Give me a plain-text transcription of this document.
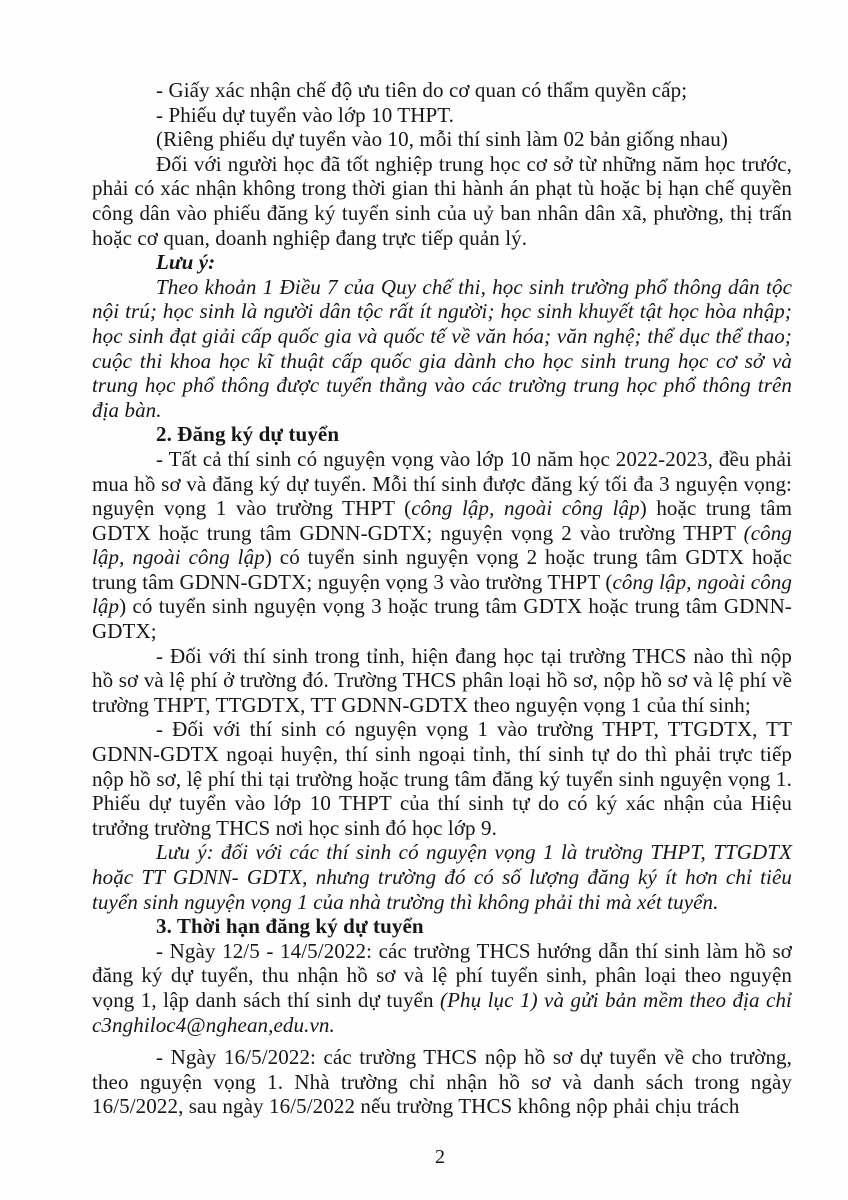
- Giấy xác nhận chế độ ưu tiên do cơ quan có thẩm quyền cấp;

- Phiếu dự tuyển vào lớp 10 THPT.

(Riêng phiếu dự tuyển vào 10, mỗi thí sinh làm 02 bản giống nhau)

Đối với người học đã tốt nghiệp trung học cơ sở từ những năm học trước, phải có xác nhận không trong thời gian thi hành án phạt tù hoặc bị hạn chế quyền công dân vào phiếu đăng ký tuyển sinh của uỷ ban nhân dân xã, phường, thị trấn hoặc cơ quan, doanh nghiệp đang trực tiếp quản lý.

Lưu ý:

Theo khoản 1 Điều 7 của Quy chế thi, học sinh trường phổ thông dân tộc nội trú; học sinh là người dân tộc rất ít người; học sinh khuyết tật học hòa nhập; học sinh đạt giải cấp quốc gia và quốc tế về văn hóa; văn nghệ; thể dục thể thao; cuộc thi khoa học kĩ thuật cấp quốc gia dành cho học sinh trung học cơ sở và trung học phổ thông được tuyển thẳng vào các trường trung học phổ thông trên địa bàn.

2. Đăng ký dự tuyển

- Tất cả thí sinh có nguyện vọng vào lớp 10 năm học 2022-2023, đều phải mua hồ sơ và đăng ký dự tuyển. Mỗi thí sinh được đăng ký tối đa 3 nguyện vọng: nguyện vọng 1 vào trường THPT (công lập, ngoài công lập) hoặc trung tâm GDTX hoặc trung tâm GDNN-GDTX; nguyện vọng 2 vào trường THPT (công lập, ngoài công lập) có tuyển sinh nguyện vọng 2 hoặc trung tâm GDTX hoặc trung tâm GDNN-GDTX; nguyện vọng 3 vào trường THPT (công lập, ngoài công lập) có tuyển sinh nguyện vọng 3 hoặc trung tâm GDTX hoặc trung tâm GDNN-GDTX;

- Đối với thí sinh trong tỉnh, hiện đang học tại trường THCS nào thì nộp hồ sơ và lệ phí ở trường đó. Trường THCS phân loại hồ sơ, nộp hồ sơ và lệ phí về trường THPT, TTGDTX, TT GDNN-GDTX theo nguyện vọng 1 của thí sinh;

- Đối với thí sinh có nguyện vọng 1 vào trường THPT, TTGDTX, TT GDNN-GDTX ngoại huyện, thí sinh ngoại tỉnh, thí sinh tự do thì phải trực tiếp nộp hồ sơ, lệ phí thi tại trường hoặc trung tâm đăng ký tuyển sinh nguyện vọng 1. Phiếu dự tuyển vào lớp 10 THPT của thí sinh tự do có ký xác nhận của Hiệu trưởng trường THCS nơi học sinh đó học lớp 9.

Lưu ý: đối với các thí sinh có nguyện vọng 1 là trường THPT, TTGDTX hoặc TT GDNN- GDTX, nhưng trường đó có số lượng đăng ký ít hơn chỉ tiêu tuyển sinh nguyện vọng 1 của nhà trường thì không phải thi mà xét tuyển.

3. Thời hạn đăng ký dự tuyển

- Ngày 12/5 - 14/5/2022: các trường THCS hướng dẫn thí sinh làm hồ sơ đăng ký dự tuyển, thu nhận hồ sơ và lệ phí tuyển sinh, phân loại theo nguyện vọng 1, lập danh sách thí sinh dự tuyển (Phụ lục 1) và gửi bản mềm theo địa chỉ c3nghiloc4@nghean,edu.vn.

- Ngày 16/5/2022: các trường THCS nộp hồ sơ dự tuyển về cho trường, theo nguyện vọng 1. Nhà trường chỉ nhận hồ sơ và danh sách trong ngày 16/5/2022, sau ngày 16/5/2022 nếu trường THCS không nộp phải chịu trách

2
